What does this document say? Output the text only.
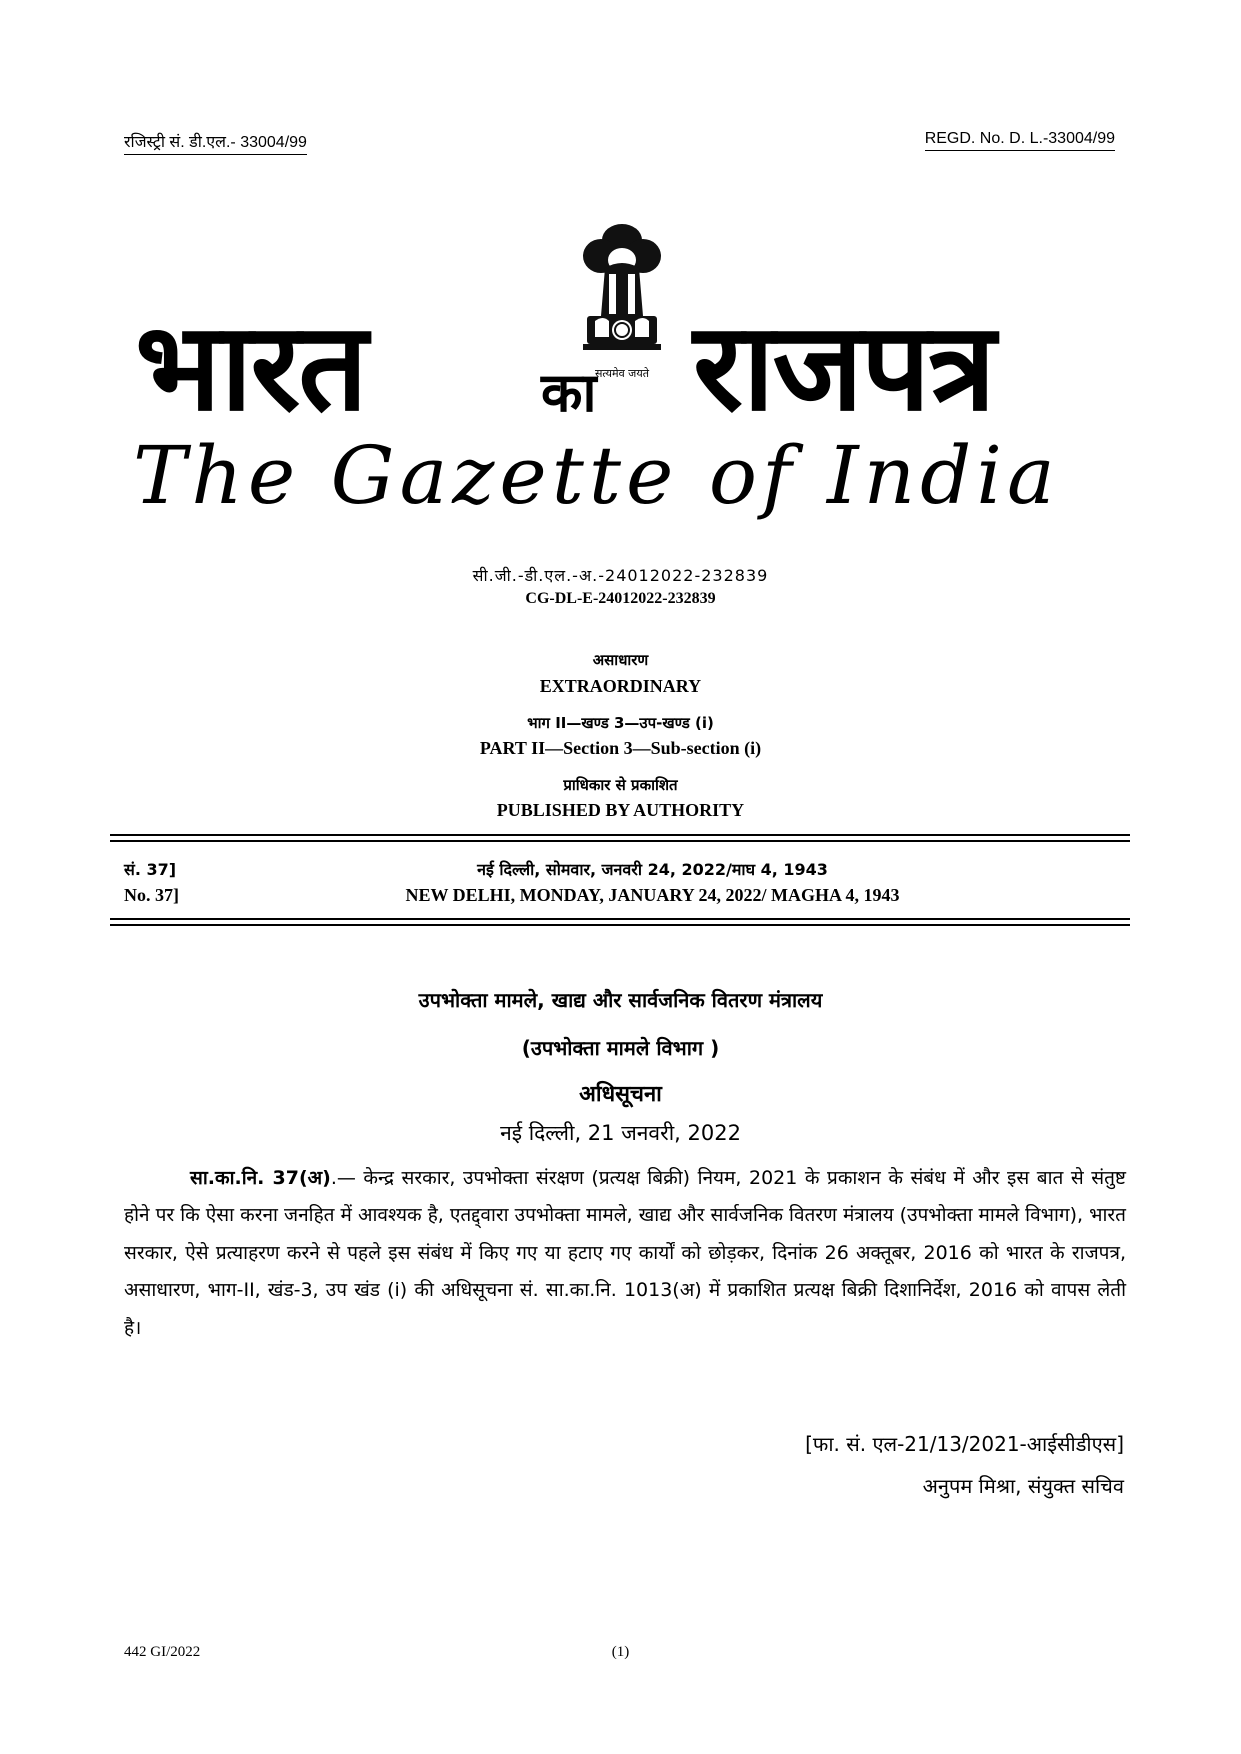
रजिस्ट्री सं. डी.एल.- 33004/99	REGD. No. D. L.-33004/99
भारत	का राजपत्र
सत्यमेव जयते
The Gazette of India
सी.जी.-डी.एल.-अ.-24012022-232839
CG-DL-E-24012022-232839
असाधारण
EXTRAORDINARY
भाग II—खण्ड 3—उप-खण्ड (i)
PART II—Section 3—Sub-section (i)
प्राधिकार से प्रकाशित
PUBLISHED BY AUTHORITY
सं. 37]
No. 37]
नई दिल्ली, सोमवार, जनवरी 24, 2022/माघ 4, 1943
NEW DELHI, MONDAY, JANUARY 24, 2022/ MAGHA 4, 1943
उपभोक्ता मामले, खाद्य और सार्वजनिक वितरण मंत्रालय
(उपभोक्ता मामले विभाग )
अधिसूचना
नई दिल्ली, 21 जनवरी, 2022
सा.का.नि. 37(अ).— केन्द्र सरकार, उपभोक्ता संरक्षण (प्रत्यक्ष बिक्री) नियम, 2021 के प्रकाशन के संबंध में और इस बात से संतुष्ट होने पर कि ऐसा करना जनहित में आवश्यक है, एतद्द्वारा उपभोक्ता मामले, खाद्य और सार्वजनिक वितरण मंत्रालय (उपभोक्ता मामले विभाग), भारत सरकार, ऐसे प्रत्याहरण करने से पहले इस संबंध में किए गए या हटाए गए कार्यों को छोड़कर, दिनांक 26 अक्तूबर, 2016 को भारत के राजपत्र, असाधारण, भाग-II, खंड-3, उप खंड (i) की अधिसूचना सं. सा.का.नि. 1013(अ) में प्रकाशित प्रत्यक्ष बिक्री दिशानिर्देश, 2016 को वापस लेती है।
[फा. सं. एल-21/13/2021-आईसीडीएस]
अनुपम मिश्रा, संयुक्त सचिव
442 GI/2022	(1)
